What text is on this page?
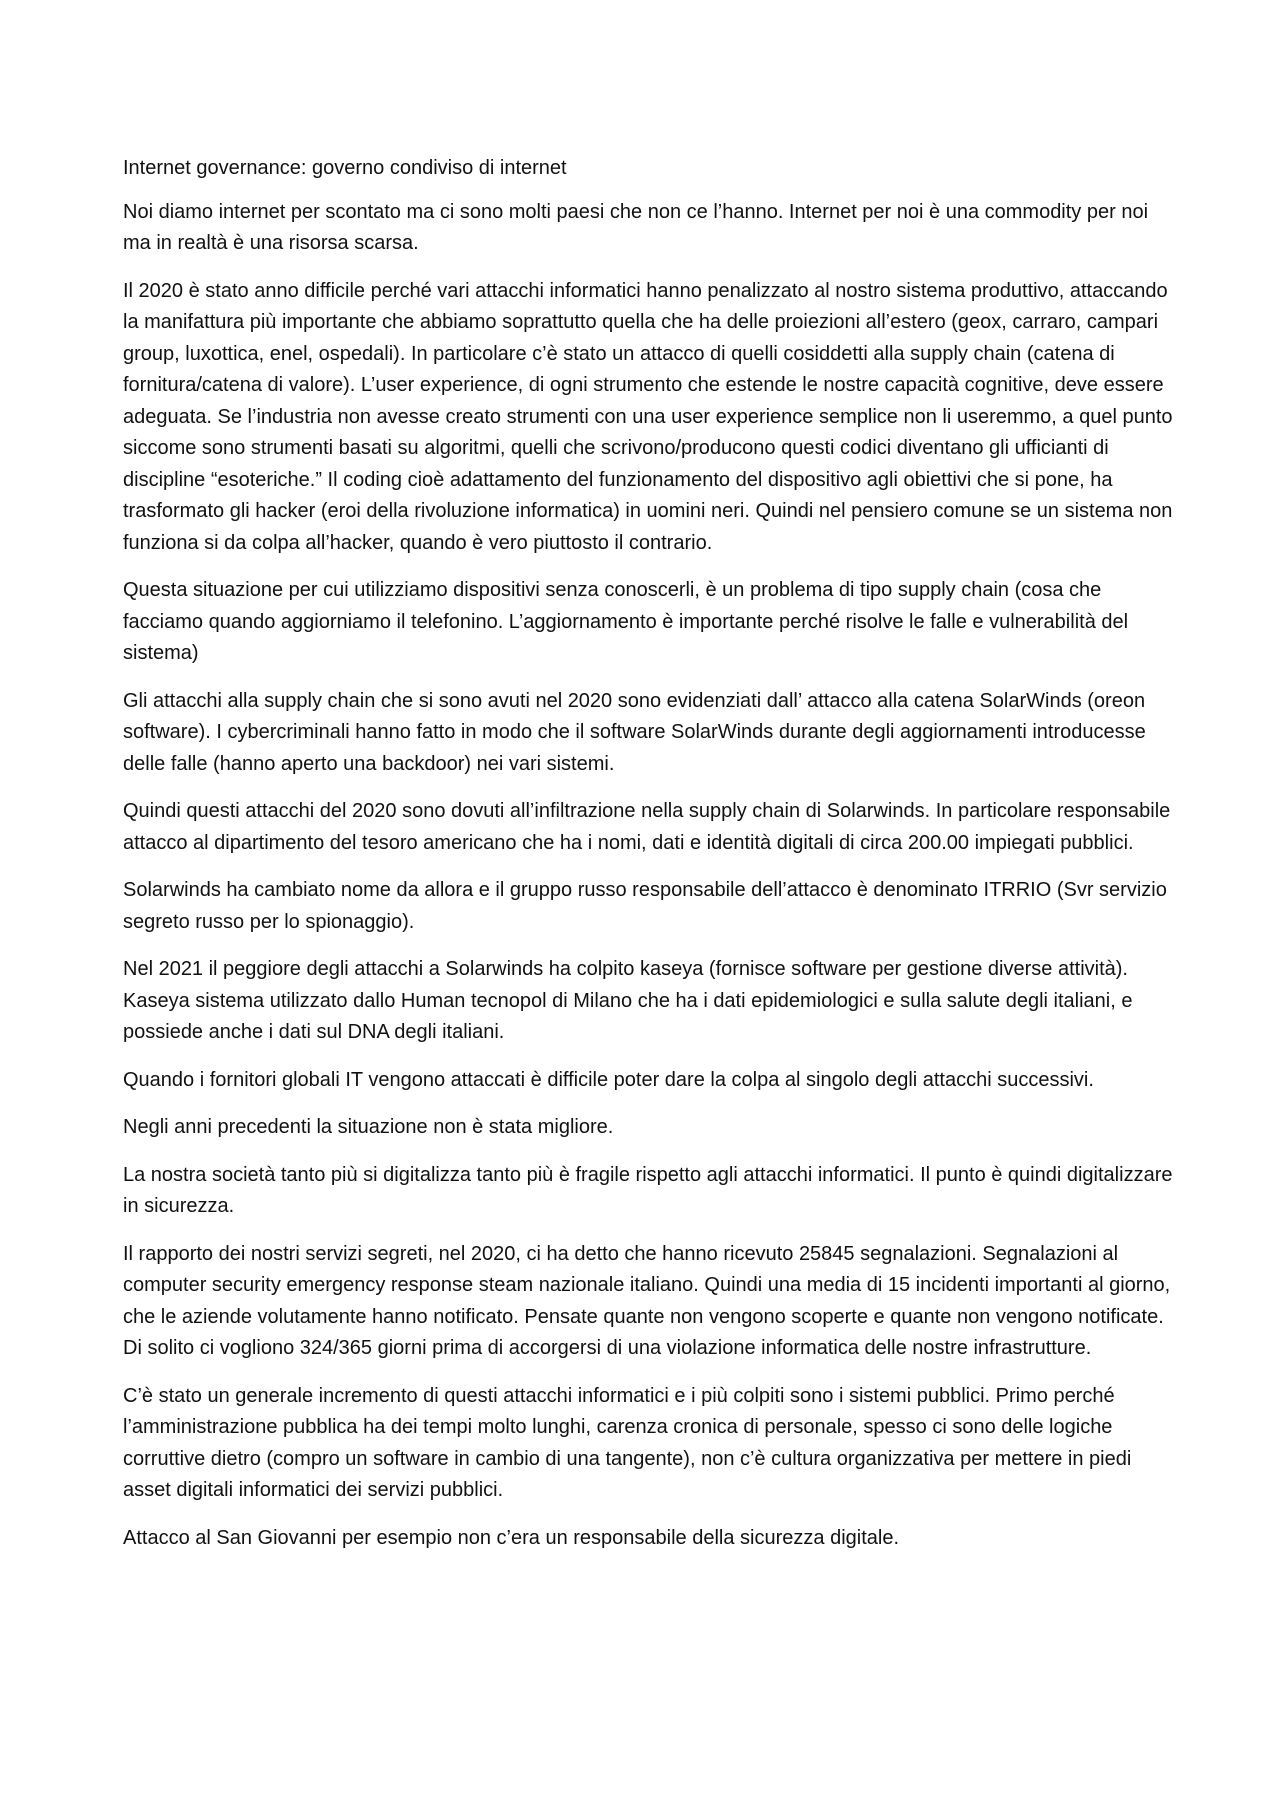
Internet governance: governo condiviso di internet

Noi diamo internet per scontato ma ci sono molti paesi che non ce l’hanno. Internet per noi è una commodity per noi ma in realtà è una risorsa scarsa.

Il 2020 è stato anno difficile perché vari attacchi informatici hanno penalizzato al nostro sistema produttivo, attaccando la manifattura più importante che abbiamo soprattutto quella che ha delle proiezioni all’estero (geox, carraro, campari group, luxottica, enel, ospedali). In particolare c’è stato un attacco di quelli cosiddetti alla supply chain (catena di fornitura/catena di valore). L’user experience, di ogni strumento che estende le nostre capacità cognitive, deve essere adeguata. Se l’industria non avesse creato strumenti con una user experience semplice non li useremmo, a quel punto siccome sono strumenti basati su algoritmi, quelli che scrivono/producono questi codici diventano gli ufficianti di discipline “esoteriche.” Il coding cioè adattamento del funzionamento del dispositivo agli obiettivi che si pone, ha trasformato gli hacker (eroi della rivoluzione informatica) in uomini neri. Quindi nel pensiero comune se un sistema non funziona si da colpa all’hacker, quando è vero piuttosto il contrario.

Questa situazione per cui utilizziamo dispositivi senza conoscerli, è un problema di tipo supply chain (cosa che facciamo quando aggiorniamo il telefonino. L’aggiornamento è importante perché risolve le falle e vulnerabilità del sistema)

Gli attacchi alla supply chain che si sono avuti nel 2020 sono evidenziati dall’ attacco alla catena SolarWinds (oreon software). I cybercriminali hanno fatto in modo che il software SolarWinds durante degli aggiornamenti introducesse delle falle (hanno aperto una backdoor) nei vari sistemi.

Quindi questi attacchi del 2020 sono dovuti all’infiltrazione nella supply chain di Solarwinds. In particolare responsabile attacco al dipartimento del tesoro americano che ha i nomi, dati e identità digitali di circa 200.00 impiegati pubblici.

Solarwinds ha cambiato nome da allora e il gruppo russo responsabile dell’attacco è denominato ITRRIO (Svr servizio segreto russo per lo spionaggio).

Nel 2021 il peggiore degli attacchi a Solarwinds ha colpito kaseya (fornisce software per gestione diverse attività). Kaseya sistema utilizzato dallo Human tecnopol di Milano che ha i dati epidemiologici e sulla salute degli italiani, e possiede anche i dati sul DNA degli italiani.

Quando i fornitori globali IT vengono attaccati è difficile poter dare la colpa al singolo degli attacchi successivi.

Negli anni precedenti la situazione non è stata migliore.

La nostra società tanto più si digitalizza tanto più è fragile rispetto agli attacchi informatici. Il punto è quindi digitalizzare in sicurezza.

Il rapporto dei nostri servizi segreti, nel 2020, ci ha detto che hanno ricevuto 25845 segnalazioni. Segnalazioni al computer security emergency response steam nazionale italiano. Quindi una media di 15 incidenti importanti al giorno, che le aziende volutamente hanno notificato. Pensate quante non vengono scoperte e quante non vengono notificate. Di solito ci vogliono 324/365 giorni prima di accorgersi di una violazione informatica delle nostre infrastrutture.

C’è stato un generale incremento di questi attacchi informatici e i più colpiti sono i sistemi pubblici. Primo perché l’amministrazione pubblica ha dei tempi molto lunghi, carenza cronica di personale, spesso ci sono delle logiche corruttive dietro (compro un software in cambio di una tangente), non c’è cultura organizzativa per mettere in piedi asset digitali informatici dei servizi pubblici.

Attacco al San Giovanni per esempio non c’era un responsabile della sicurezza digitale.
